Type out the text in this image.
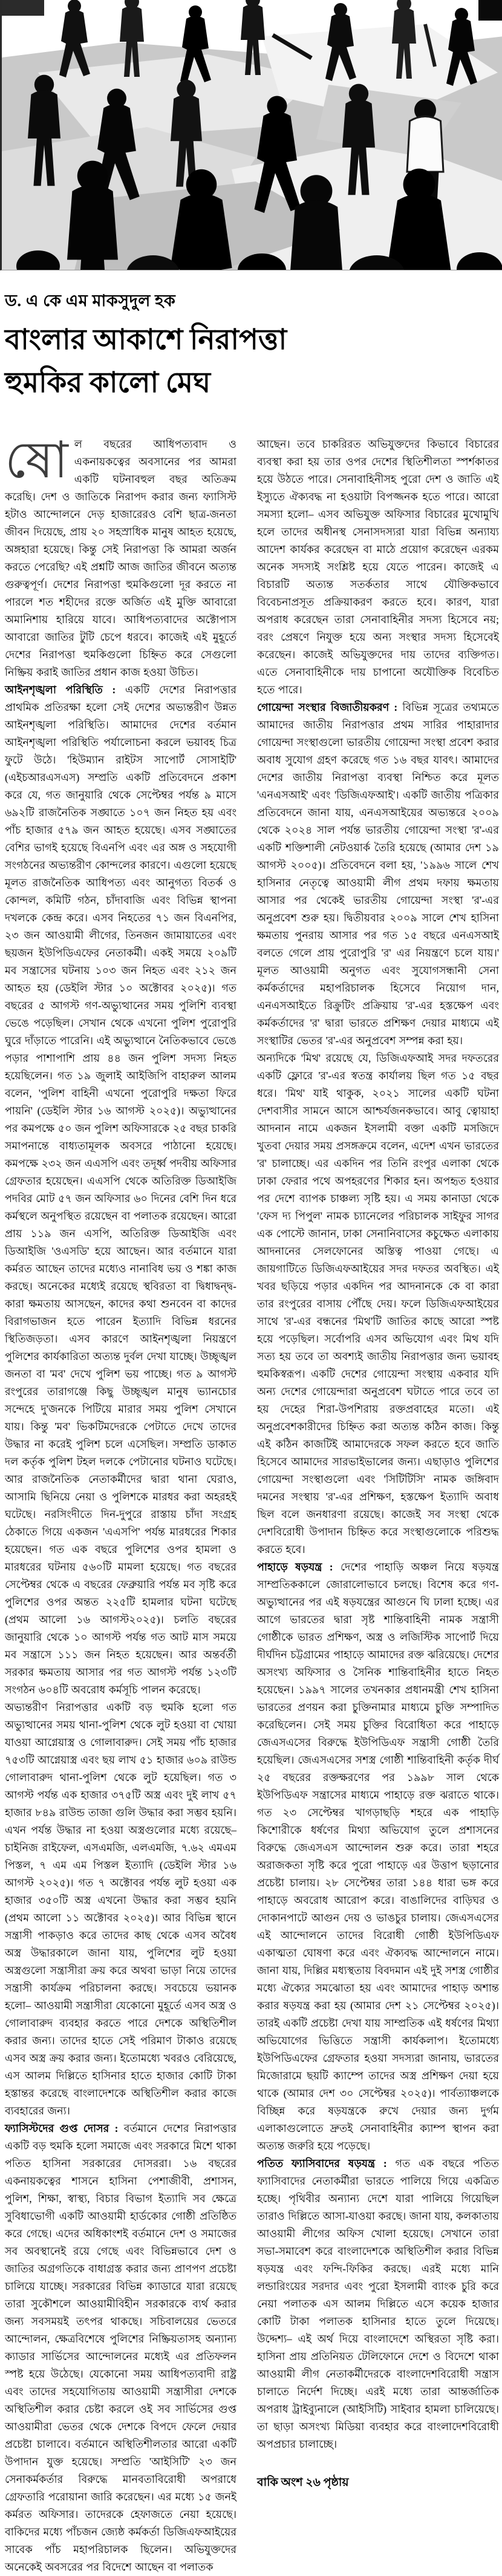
ড. এ কে এম মাকসুদুল হক
বাংলার আকাশে নিরাপত্তা
হুমকির কালো মেঘ

ষোল বছরের আধিপত্যবাদ ও একনায়কত্বের অবসানের পর আমরা একটি ঘটনাবহুল বছর অতিক্রম করেছি। দেশ ও জাতিকে নিরাপদ করার জন্য ফ্যাসিস্ট হটাও আন্দোলনে দেড় হাজারেরও বেশি ছাত্র-জনতা জীবন দিয়েছে, প্রায় ২০ সহস্রাধিক মানুষ আহত হয়েছে, অঙ্গহারা হয়েছে। কিন্তু সেই নিরাপত্তা কি আমরা অর্জন করতে পেরেছি? এই প্রশ্নটি আজ জাতির জীবনে অত্যন্ত গুরুত্বপূর্ণ। দেশের নিরাপত্তা হুমকিগুলো দূর করতে না পারলে শত শহীদের রক্তে অর্জিত এই মুক্তি আবারো অমানিশায় হারিয়ে যাবে। আধিপত্যবাদের অক্টোপাস আবারো জাতির টুটি চেপে ধরবে। কাজেই এই মুহূর্তে দেশের নিরাপত্তা হুমকিগুলো চিহ্নিত করে সেগুলো নিষ্ক্রিয় করাই জাতির প্রধান কাজ হওয়া উচিত।

আইনশৃঙ্খলা পরিস্থিতি : একটি দেশের নিরাপত্তার প্রাথমিক প্রতিরক্ষা হলো সেই দেশের অভ্যন্তরীণ উন্নত আইনশৃঙ্খলা পরিস্থিতি। আমাদের দেশের বর্তমান আইনশৃঙ্খলা পরিস্থিতি পর্যালোচনা করলে ভয়াবহ চিত্র ফুটে উঠে। 'হিউম্যান রাইটস সাপোর্ট সোসাইটি' (এইচআরএসএস) সম্প্রতি একটি প্রতিবেদনে প্রকাশ করে যে, গত জানুয়ারি থেকে সেপ্টেম্বর পর্যন্ত ৯ মাসে ৬৯২টি রাজনৈতিক সঙ্ঘাতে ১০৭ জন নিহত হয় এবং পাঁচ হাজার ৫৭৯ জন আহত হয়েছে। এসব সঙ্ঘাতের বেশির ভাগই হয়েছে বিএনপি এবং এর অঙ্গ ও সহযোগী সংগঠনের অভ্যন্তরীণ কোন্দলের কারণে। এগুলো হয়েছে মূলত রাজনৈতিক আধিপত্য এবং আনুগত্য বিতর্ক ও কোন্দল, কমিটি গঠন, চাঁদাবাজি এবং বিভিন্ন স্থাপনা দখলকে কেন্দ্র করে। এসব নিহতের ৭১ জন বিএনপির, ২৩ জন আওয়ামী লীগের, তিনজন জামায়াতের এবং ছয়জন ইউপিডিএফের নেতাকর্মী। একই সময়ে ২০৯টি মব সন্ত্রাসের ঘটনায় ১০৩ জন নিহত এবং ২১২ জন আহত হয় (ডেইলি স্টার ১০ অক্টোবর ২০২৫)। গত বছরের ৫ আগস্ট গণ-অভ্যুত্থানের সময় পুলিশি ব্যবস্থা ভেঙে পড়েছিল। সেখান থেকে এখনো পুলিশ পুরোপুরি ঘুরে দাঁড়াতে পারেনি। এই অভ্যুত্থানে নৈতিকভাবে ভেঙে পড়ার পাশাপাশি প্রায় ৪৪ জন পুলিশ সদস্য নিহত হয়েছিলেন। গত ১৯ জুলাই আইজিপি বাহারুল আলম বলেন, 'পুলিশ বাহিনী এখনো পুরোপুরি দক্ষতা ফিরে পায়নি' (ডেইলি স্টার ১৬ আগস্ট ২০২৫)। অভ্যুত্থানের পর কমপক্ষে ৫০ জন পুলিশ অফিসারকে ২৫ বছর চাকরি সমাপনান্তে বাধ্যতামূলক অবসরে পাঠানো হয়েছে। কমপক্ষে ২৩২ জন এএসপি এবং তদূর্ধ্ব পদবীয় অফিসার গ্রেফতার হয়েছেন। এএসপি থেকে অতিরিক্ত ডিআইজি পদবির মোট ৫৭ জন অফিসার ৬০ দিনের বেশি দিন ধরে কর্মস্থলে অনুপস্থিত রয়েছেন বা পলাতক রয়েছেন। আরো প্রায় ১১৯ জন এসপি, অতিরিক্ত ডিআইজি এবং ডিআইজি 'ওএসডি' হয়ে আছেন। আর বর্তমানে যারা কর্মরত আছেন তাদের মধ্যেও নানাবিধ ভয় ও শঙ্কা কাজ করছে। অনেকের মধ্যেই রয়েছে স্থবিরতা বা দ্বিধাদ্বন্দ্ব-কারা ক্ষমতায় আসছেন, কাদের কথা শুনবেন বা কাদের বিরাগভাজন হতে পারেন ইত্যাদি বিভিন্ন ধরনের স্থিতিজড়তা। এসব কারণে আইনশৃঙ্খলা নিয়ন্ত্রণে পুলিশের কার্যকারিতা অত্যন্ত দুর্বল দেখা যাচ্ছে। উচ্ছৃঙ্খল জনতা বা 'মব' দেখে পুলিশ ভয় পাচ্ছে। গত ৯ আগস্ট রংপুরের তারাগঞ্জে কিছু উচ্ছৃঙ্খল মানুষ ভ্যানচোর সন্দেহে দু'জনকে পিটিয়ে মারার সময় পুলিশ সেখানে যায়। কিন্তু 'মব' ভিকটিমদেরকে পেটাতে দেখে তাদের উদ্ধার না করেই পুলিশ চলে এসেছিল। সম্প্রতি ডাকাত দল কর্তৃক পুলিশ টহল দলকে পেটানোর ঘটনাও ঘটেছে। আর রাজনৈতিক নেতাকর্মীদের দ্বারা থানা ঘেরাও, আসামি ছিনিয়ে নেয়া ও পুলিশকে মারধর করা অহরহই ঘটেছে। নরসিংদীতে দিন-দুপুরে রাস্তায় চাঁদা সংগ্রহ ঠেকাতে গিয়ে একজন 'এএসপি' পর্যন্ত মারধরের শিকার হয়েছেন। গত এক বছরে পুলিশের ওপর হামলা ও মারধরের ঘটনায় ৫৬০টি মামলা হয়েছে। গত বছরের সেপ্টেম্বর থেকে এ বছরের ফেব্রুয়ারি পর্যন্ত মব সৃষ্টি করে পুলিশের ওপর অন্তত ২২৫টি হামলার ঘটনা ঘটেছে (প্রথম আলো ১৬ আগস্ট২০২৫)। চলতি বছরের জানুয়ারি থেকে ১০ আগস্ট পর্যন্ত গত আট মাস সময়ে মব সন্ত্রাসে ১১১ জন নিহত হয়েছেন। আর অন্তর্বর্তী সরকার ক্ষমতায় আসার পর গত আগস্ট পর্যন্ত ১২৩টি সংগঠন ৬০৪টি অবরোধ কর্মসূচি পালন করেছে।

অভ্যন্তরীণ নিরাপত্তার একটি বড় হুমকি হলো গত অভ্যুত্থানের সময় থানা-পুলিশ থেকে লুট হওয়া বা খোয়া যাওয়া আগ্নেয়াস্ত্র ও গোলাবারুদ। সেই সময় পাঁচ হাজার ৭৫৩টি আগ্নেয়াস্ত্র এবং ছয় লাখ ৫১ হাজার ৬০৯ রাউন্ড গোলাবারুদ থানা-পুলিশ থেকে লুট হয়েছিল। গত ৩ আগস্ট পর্যন্ত এক হাজার ৩৭৫টি অস্ত্র এবং দুই লাখ ৫৭ হাজার ৮৪৯ রাউন্ড তাজা গুলি উদ্ধার করা সম্ভব হয়নি। এখন পর্যন্ত উদ্ধার না হওয়া অস্ত্রগুলোর মধ্যে রয়েছে– চাইনিজ রাইফেল, এসএমজি, এলএমজি, ৭.৬২ এমএম পিস্তল, ৭ এম এম পিস্তল ইত্যাদি (ডেইলি স্টার ১৬ আগস্ট ২০২৫)। গত ৭ অক্টোবর পর্যন্ত লুট হওয়া এক হাজার ৩৫০টি অস্ত্র এখনো উদ্ধার করা সম্ভব হয়নি (প্রথম আলো ১১ অক্টোবর ২০২৫)। আর বিভিন্ন স্থানে সন্ত্রাসী পাকড়াও করে তাদের কাছ থেকে এসব অবৈধ অস্ত্র উদ্ধারকালে জানা যায়, পুলিশের লুট হওয়া অস্ত্রগুলো সন্ত্রাসীরা ক্রয় করে অথবা ভাড়া নিয়ে তাদের সন্ত্রাসী কার্যক্রম পরিচালনা করছে। সবচেয়ে ভয়ানক হলো– আওয়ামী সন্ত্রাসীরা যেকোনো মুহূর্তে এসব অস্ত্র ও গোলাবারুদ ব্যবহার করতে পারে দেশকে অস্থিতিশীল করার জন্য। তাদের হাতে সেই পরিমাণ টাকাও রয়েছে এসব অস্ত্র ক্রয় করার জন্য। ইতোমধ্যে খবরও বেরিয়েছে, এস আলম দিল্লিতে হাসিনার হাতে হাজার কোটি টাকা হস্তান্তর করেছে বাংলাদেশকে অস্থিতিশীল করার কাজে ব্যবহারের জন্য।

ফ্যাসিস্টদের গুপ্ত দোসর : বর্তমানে দেশের নিরাপত্তার একটি বড় হুমকি হলো সমাজে এবং সরকারে মিশে থাকা পতিত হাসিনা সরকারের দোসররা। ১৬ বছরের একনায়কত্বের শাসনে হাসিনা পেশাজীবী, প্রশাসন, পুলিশ, শিক্ষা, স্বাস্থ্য, বিচার বিভাগ ইত্যাদি সব ক্ষেত্রে সুবিধাভোগী একটি আওয়ামী হার্ডকোর গোষ্ঠী প্রতিষ্ঠিত করে গেছে। এদের অধিকাংশই বর্তমানে দেশ ও সমাজের সব অবস্থানেই রয়ে গেছে এবং বিভিন্নভাবে দেশ ও জাতির অগ্রগতিকে বাধাগ্রস্ত করার জন্য প্রাণপণ প্রচেষ্টা চালিয়ে যাচ্ছে। সরকারের বিভিন্ন ক্যাডারে যারা রয়েছে তারা সুকৌশলে আওয়ামীবিহীন সরকারকে ব্যর্থ করার জন্য সবসময়ই তৎপর থাকছে। সচিবালয়ের ভেতরে আন্দোলন, ক্ষেত্রবিশেষে পুলিশের নিষ্ক্রিয়তাসহ অন্যান্য ক্যাডার সার্ভিসের আন্দোলনের মধ্যেই এর প্রতিফলন স্পষ্ট হয়ে উঠেছে। যেকোনো সময় আধিপত্যবাদী রাষ্ট্র এবং তাদের সহযোগিতায় আওয়ামী সন্ত্রাসীরা দেশকে অস্থিতিশীল করার চেষ্টা করলে ওই সব সার্ভিসের গুপ্ত আওয়ামীরা ভেতর থেকে দেশকে বিপদে ফেলে দেয়ার প্রচেষ্টা চালাবে। বর্তমানে অস্থিতিশীলতার আরো একটি উপাদান যুক্ত হয়েছে। সম্প্রতি 'আইসিটি' ২৩ জন সেনাকর্মকর্তার বিরুদ্ধে মানবতাবিরোধী অপরাধে গ্রেফতারি পরোয়ানা জারি করেছেন। এর মধ্যে ১৫ জনই কর্মরত অফিসার। তাদেরকে হেফাজতে নেয়া হয়েছে। বাকিদের মধ্যে পাঁচজন জ্যেষ্ঠ কর্মকর্তা ডিজিএফআইয়ের সাবেক পাঁচ মহাপরিচালক ছিলেন। অভিযুক্তদের অনেকেই অবসরের পর বিদেশে আছেন বা পলাতক

আছেন। তবে চাকরিরত অভিযুক্তদের কিভাবে বিচারের ব্যবস্থা করা হয় তার ওপর দেশের স্থিতিশীলতা স্পর্শকাতর হয়ে উঠতে পারে। সেনাবাহিনীসহ পুরো দেশ ও জাতি এই ইস্যুতে ঐক্যবদ্ধ না হওয়াটা বিপজ্জনক হতে পারে। আরো সমস্যা হলো– এসব অভিযুক্ত অফিসার বিচারের মুখোমুখি হলে তাদের অধীনস্থ সেনাসদস্যরা যারা বিভিন্ন অন্যায্য আদেশ কার্যকর করেছেন বা মাঠে প্রয়োগ করেছেন এরকম অনেক সদস্যই সংশ্লিষ্ট হয়ে যেতে পারেন। কাজেই এ বিচারটি অত্যন্ত সতর্কতার সাথে যৌক্তিকভাবে বিবেচনাপ্রসূত প্রক্রিয়াকরণ করতে হবে। কারণ, যারা অপরাধ করেছেন তারা সেনাবাহিনীর সদস্য হিসেবে নয়; বরং প্রেষণে নিযুক্ত হয়ে অন্য সংস্থার সদস্য হিসেবেই করেছেন। কাজেই অভিযুক্তদের দায় তাদের ব্যক্তিগত। এতে সেনাবাহিনীকে দায় চাপানো অযৌক্তিক বিবেচিত হতে পারে।

গোয়েন্দা সংস্থার বিজাতীয়করণ : বিভিন্ন সূত্রের তথ্যমতে আমাদের জাতীয় নিরাপত্তার প্রথম সারির পাহারাদার গোয়েন্দা সংস্থাগুলো ভারতীয় গোয়েন্দা সংস্থা প্রবেশ করার অবাধ সুযোগ গ্রহণ করেছে গত ১৬ বছর যাবৎ। আমাদের দেশের জাতীয় নিরাপত্তা ব্যবস্থা নিশ্চিত করে মূলত 'এনএসআই' এবং 'ডিজিএফআই'। একটি জাতীয় পত্রিকার প্রতিবেদনে জানা যায়, এনএসআইয়ের অভ্যন্তরে ২০০৯ থেকে ২০২৪ সাল পর্যন্ত ভারতীয় গোয়েন্দা সংস্থা 'র'-এর একটি শক্তিশালী নেটওয়ার্ক তৈরি হয়েছে (আমার দেশ ১৯ আগস্ট ২০০৫)। প্রতিবেদনে বলা হয়, '১৯৯৬ সালে শেখ হাসিনার নেতৃত্বে আওয়ামী লীগ প্রথম দফায় ক্ষমতায় আসার পর থেকেই ভারতীয় গোয়েন্দা সংস্থা 'র'-এর অনুপ্রবেশ শুরু হয়। দ্বিতীয়বার ২০০৯ সালে শেখ হাসিনা ক্ষমতায় পুনরায় আসার পর গত ১৫ বছরে এনএসআই বলতে গেলে প্রায় পুরোপুরি 'র' এর নিয়ন্ত্রণে চলে যায়।' মূলত আওয়ামী অনুগত এবং সুযোগসন্ধানী সেনা কর্মকর্তাদের মহাপরিচালক হিসেবে নিয়োগ দান, এনএসআইতে রিক্রুটিং প্রক্রিয়ায় 'র'-এর হস্তক্ষেপ এবং কর্মকর্তাদের 'র' দ্বারা ভারতে প্রশিক্ষণ দেয়ার মাধ্যমে এই সংস্থাটির ভেতর 'র'-এর অনুপ্রবেশ সম্পন্ন করা হয়।

অন্যদিকে 'মিথ' রয়েছে যে, ডিজিএফআই সদর দফতরের একটি ফ্লোরে 'র'-এর স্বতন্ত্র কার্যালয় ছিল গত ১৫ বছর ধরে। 'মিথ' যাই থাকুক, ২০২১ সালের একটি ঘটনা দেশবাসীর সামনে আসে আশ্চর্যজনকভাবে। আবু ত্বোয়াহা আদনান নামে একজন ইসলামী বক্তা একটি মসজিদে খুতবা দেয়ার সময় প্রসঙ্গক্রমে বলেন, এদেশ এখন ভারতের 'র' চালাচ্ছে। এর একদিন পর তিনি রংপুর এলাকা থেকে ঢাকা ফেরার পথে অপহরণের শিকার হন। অপহৃত হওয়ার পর দেশে ব্যাপক চাঞ্চল্য সৃষ্টি হয়। এ সময় কানাডা থেকে 'ফেস দ্য পিপুল' নামক চ্যানেলের পরিচালক সাইফুর সাগর এক পোস্টে জানান, ঢাকা সেনানিবাসের কচুক্ষেত এলাকায় আদনানের সেলফোনের অস্তিত্ব পাওয়া গেছে। এ জায়গাটিতে ডিজিএফআইয়ের সদর দফতর অবস্থিত। এই খবর ছড়িয়ে পড়ার একদিন পর আদনানকে কে বা কারা তার রংপুরের বাসায় পৌঁছে দেয়। ফলে ডিজিএফআইয়ের সাথে 'র'-এর বন্ধনের 'মিথ'টি জাতির কাছে আরো স্পষ্ট হয়ে পড়েছিল। সর্বোপরি এসব অভিযোগ এবং মিথ যদি সত্য হয় তবে তা অবশ্যই জাতীয় নিরাপত্তার জন্য ভয়াবহ হুমকিস্বরূপ। একটি দেশের গোয়েন্দা সংস্থায় একবার যদি অন্য দেশের গোয়েন্দারা অনুপ্রবেশ ঘটাতে পারে তবে তা হয় দেহের শিরা-উপশিরায় রক্তপ্রবাহের মতো। এই অনুপ্রবেশকারীদের চিহ্নিত করা অত্যন্ত কঠিন কাজ। কিন্তু এই কঠিন কাজটিই আমাদেরকে সফল করতে হবে জাতি হিসেবে আমাদের সারভাইভালের জন্য। এছাড়াও পুলিশের গোয়েন্দা সংস্থাগুলো এবং 'সিটিটিসি' নামক জঙ্গিবাদ দমনের সংস্থায় 'র'-এর প্রশিক্ষণ, হস্তক্ষেপ ইত্যাদি অবাধ ছিল বলে জনধারণা রয়েছে। কাজেই সব সংস্থা থেকে দেশবিরোধী উপাদান চিহ্নিত করে সংস্থাগুলোকে পরিশুদ্ধ করতে হবে।

পাহাড়ে ষড়যন্ত্র : দেশের পাহাড়ি অঞ্চল নিয়ে ষড়যন্ত্র সাম্প্রতিককালে জোরালোভাবে চলছে। বিশেষ করে গণ-অভ্যুত্থানের পর এই ষড়যন্ত্রের আগুনে ঘি ঢালা হচ্ছে। এর আগে ভারতের দ্বারা সৃষ্ট শান্তিবাহিনী নামক সন্ত্রাসী গোষ্ঠীকে ভারত প্রশিক্ষণ, অস্ত্র ও লজিস্টিক সাপোর্ট দিয়ে দীর্ঘদিন চট্টগ্রামের পাহাড়ে আমাদের রক্ত ঝরিয়েছে। দেশের অসংখ্য অফিসার ও সৈনিক শান্তিবাহিনীর হাতে নিহত হয়েছেন। ১৯৯৭ সালের তখনকার প্রধানমন্ত্রী শেখ হাসিনা ভারতের প্রণয়ন করা চুক্তিনামার মাধ্যমে চুক্তি সম্পাদিত করেছিলেন। সেই সময় চুক্তির বিরোধিতা করে পাহাড়ে জেএসএসের বিরুদ্ধে ইউপিডিএফ সন্ত্রাসী গোষ্ঠী তৈরি হয়েছিল। জেএসএসের সশস্ত্র গোষ্ঠী শান্তিবাহিনী কর্তৃক দীর্ঘ ২৫ বছরের রক্তক্ষরণের পর ১৯৯৮ সাল থেকে ইউপিডিএফ সন্ত্রাসের মাধ্যমে পাহাড়ে রক্ত ঝরাতে থাকে। গত ২৩ সেপ্টেম্বর খাগড়াছড়ি শহরে এক পাহাড়ি কিশোরীকে ধর্ষণের মিথ্যা অভিযোগ তুলে প্রশাসনের বিরুদ্ধে জেএসএস আন্দোলন শুরু করে। তারা শহরে অরাজকতা সৃষ্টি করে পুরো পাহাড়ে এর উত্তাপ ছড়ানোর প্রচেষ্টা চালায়। ২৮ সেপ্টেম্বর তারা ১৪৪ ধারা ভঙ্গ করে পাহাড়ে অবরোধ আরোপ করে। বাঙালিদের বাড়িঘর ও দোকানপাটে আগুন দেয় ও ভাঙচুর চালায়। জেএসএসের এই আন্দোলনে তাদের বিরোধী গোষ্ঠী ইউপিডিএফ একাত্মতা ঘোষণা করে এবং ঐক্যবদ্ধ আন্দোলনে নামে। জানা যায়, দিল্লির মধ্যস্থতায় বিবদমান এই দুই সশস্ত্র গোষ্ঠীর মধ্যে ঐক্যের সমঝোতা হয় এবং আমাদের পাহাড় অশান্ত করার ষড়যন্ত্র করা হয় (আমার দেশ ২১ সেপ্টেম্বর ২০২৫)। তারই একটি প্রচেষ্টা দেখা যায় সাম্প্রতিক এই ধর্ষণের মিথ্যা অভিযোগের ভিত্তিতে সন্ত্রাসী কার্যকলাপ। ইতোমধ্যে ইউপিডিএফের গ্রেফতার হওয়া সদস্যরা জানায়, ভারতের মিজোরামে ছয়টি ক্যাম্পে তাদের অস্ত্র প্রশিক্ষণ দেয়া হয়ে থাকে (আমার দেশ ৩০ সেপ্টেম্বর ২০২৫)। পার্বত্যাঞ্চলকে বিচ্ছিন্ন করে ষড়যন্ত্রকে রুখে দেয়ার জন্য দুর্গম এলাকাগুলোতে দ্রুতই সেনাবাহিনীর ক্যাম্প স্থাপন করা অত্যন্ত জরুরি হয়ে পড়েছে।

পতিত ফ্যাসিবাদের ষড়যন্ত্র : গত এক বছরে পতিত ফ্যাসিবাদের নেতাকর্মীরা ভারতে পালিয়ে গিয়ে একত্রিত হচ্ছে। পৃথিবীর অন্যান্য দেশে যারা পালিয়ে গিয়েছিল তারাও দিল্লিতে আসা-যাওয়া করছে। জানা যায়, কলকাতায় আওয়ামী লীগের অফিস খোলা হয়েছে। সেখানে তারা সভা-সমাবেশ করে বাংলাদেশকে অস্থিতিশীল করার বিভিন্ন ষড়যন্ত্র এবং ফন্দি-ফিকির করছে। এরই মধ্যে মানি লন্ডারিংয়ের সরদার এবং পুরো ইসলামী ব্যাংক চুরি করে নেয়া পলাতক এস আলম দিল্লিতে এসে কয়েক হাজার কোটি টাকা পলাতক হাসিনার হাতে তুলে দিয়েছে। উদ্দেশ্য– এই অর্থ দিয়ে বাংলাদেশে অস্থিরতা সৃষ্টি করা। হাসিনা প্রায় প্রতিনিয়ত টেলিফোনে দেশে ও বিদেশে থাকা আওয়ামী লীগ নেতাকর্মীদেরকে বাংলাদেশবিরোধী সন্ত্রাস চালাতে নির্দেশ দিচ্ছে। এরই মধ্যে তারা আন্তর্জাতিক অপরাধ ট্রাইব্যুনালে (আইসিটি) সাইবার হামলা চালিয়েছে। তা ছাড়া অসংখ্য মিডিয়া ব্যবহার করে বাংলাদেশবিরোধী অপপ্রচার চালাচ্ছে।

বাকি অংশ ২৬ পৃষ্ঠায়
